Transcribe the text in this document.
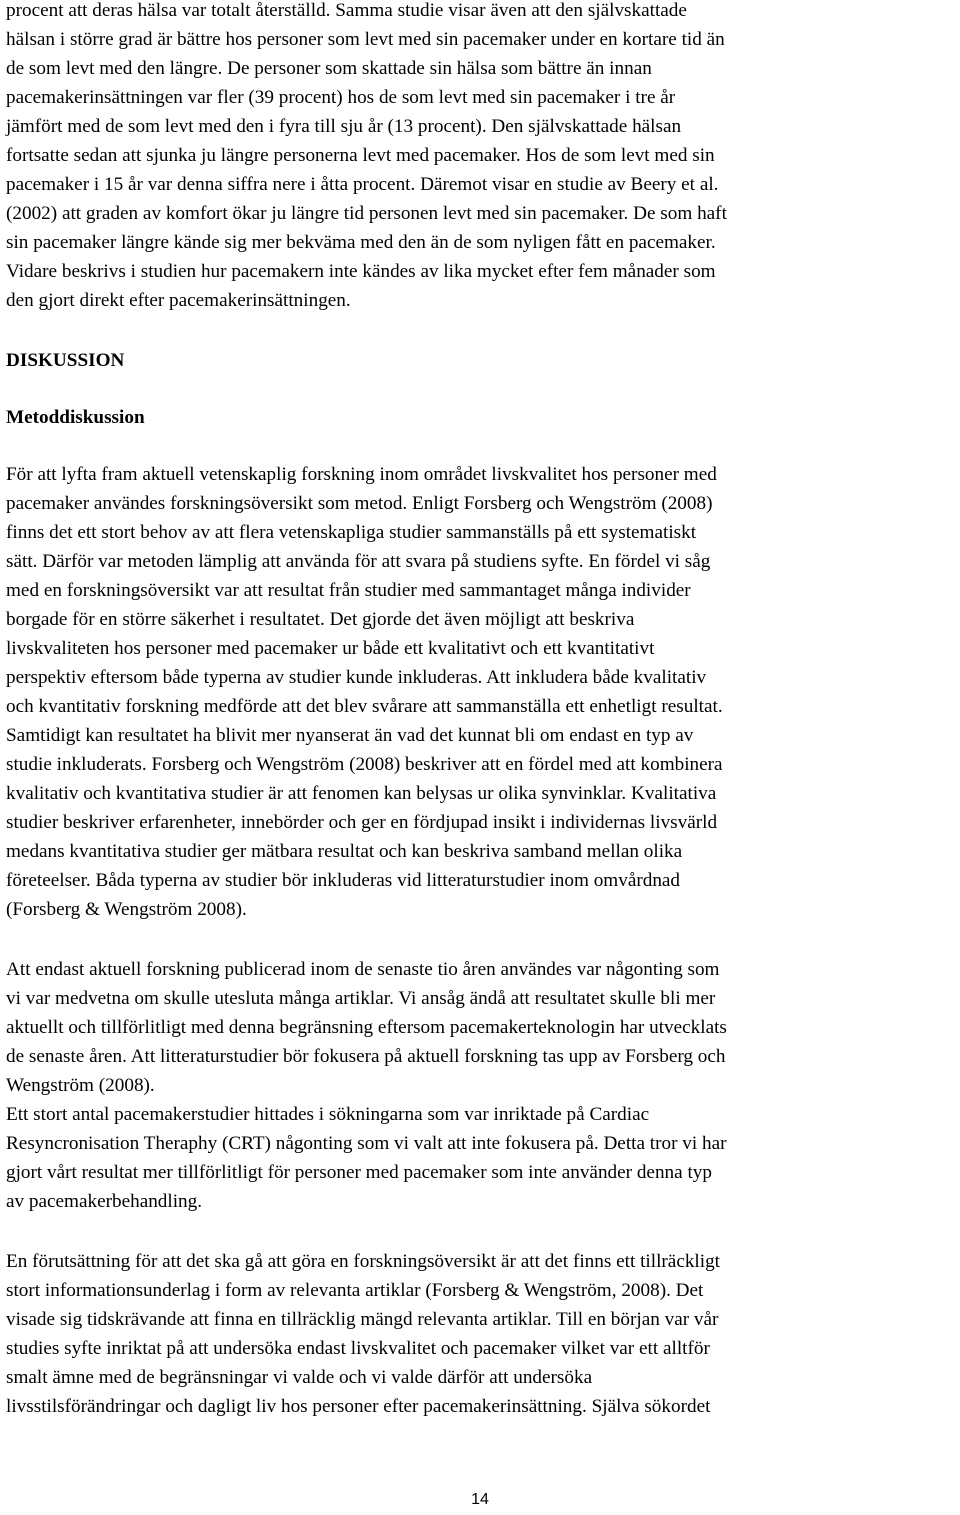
procent att deras hälsa var totalt återställd. Samma studie visar även att den självskattade
hälsan i större grad är bättre hos personer som levt med sin pacemaker under en kortare tid än
de som levt med den längre. De personer som skattade sin hälsa som bättre än innan
pacemakerinsättningen var fler (39 procent) hos de som levt med sin pacemaker i tre år
jämfört med de som levt med den i fyra till sju år (13 procent). Den självskattade hälsan
fortsatte sedan att sjunka ju längre personerna levt med pacemaker. Hos de som levt med sin
pacemaker i 15 år var denna siffra nere i åtta procent. Däremot visar en studie av Beery et al.
(2002) att graden av komfort ökar ju längre tid personen levt med sin pacemaker. De som haft
sin pacemaker längre kände sig mer bekväma med den än de som nyligen fått en pacemaker.
Vidare beskrivs i studien hur pacemakern inte kändes av lika mycket efter fem månader som
den gjort direkt efter pacemakerinsättningen.
DISKUSSION
Metoddiskussion
För att lyfta fram aktuell vetenskaplig forskning inom området livskvalitet hos personer med
pacemaker användes forskningsöversikt som metod. Enligt Forsberg och Wengström (2008)
finns det ett stort behov av att flera vetenskapliga studier sammanställs på ett systematiskt
sätt. Därför var metoden lämplig att använda för att svara på studiens syfte. En fördel vi såg
med en forskningsöversikt var att resultat från studier med sammantaget många individer
borgade för en större säkerhet i resultatet. Det gjorde det även möjligt att beskriva
livskvaliteten hos personer med pacemaker ur både ett kvalitativt och ett kvantitativt
perspektiv eftersom både typerna av studier kunde inkluderas. Att inkludera både kvalitativ
och kvantitativ forskning medförde att det blev svårare att sammanställa ett enhetligt resultat.
Samtidigt kan resultatet ha blivit mer nyanserat än vad det kunnat bli om endast en typ av
studie inkluderats. Forsberg och Wengström (2008) beskriver att en fördel med att kombinera
kvalitativ och kvantitativa studier är att fenomen kan belysas ur olika synvinklar. Kvalitativa
studier beskriver erfarenheter, innebörder och ger en fördjupad insikt i individernas livsvärld
medans kvantitativa studier ger mätbara resultat och kan beskriva samband mellan olika
företeelser. Båda typerna av studier bör inkluderas vid litteraturstudier inom omvårdnad
(Forsberg & Wengström 2008).
Att endast aktuell forskning publicerad inom de senaste tio åren användes var någonting som
vi var medvetna om skulle utesluta många artiklar. Vi ansåg ändå att resultatet skulle bli mer
aktuellt och tillförlitligt med denna begränsning eftersom pacemakerteknologin har utvecklats
de senaste åren. Att litteraturstudier bör fokusera på aktuell forskning tas upp av Forsberg och
Wengström (2008).
Ett stort antal pacemakerstudier hittades i sökningarna som var inriktade på Cardiac
Resyncronisation Theraphy (CRT) någonting som vi valt att inte fokusera på. Detta tror vi har
gjort vårt resultat mer tillförlitligt för personer med pacemaker som inte använder denna typ
av pacemakerbehandling.
En förutsättning för att det ska gå att göra en forskningsöversikt är att det finns ett tillräckligt
stort informationsunderlag i form av relevanta artiklar (Forsberg & Wengström, 2008). Det
visade sig tidskrävande att finna en tillräcklig mängd relevanta artiklar. Till en början var vår
studies syfte inriktat på att undersöka endast livskvalitet och pacemaker vilket var ett alltför
smalt ämne med de begränsningar vi valde och vi valde därför att undersöka
livsstilsförändringar och dagligt liv hos personer efter pacemakerinsättning. Själva sökordet
14
